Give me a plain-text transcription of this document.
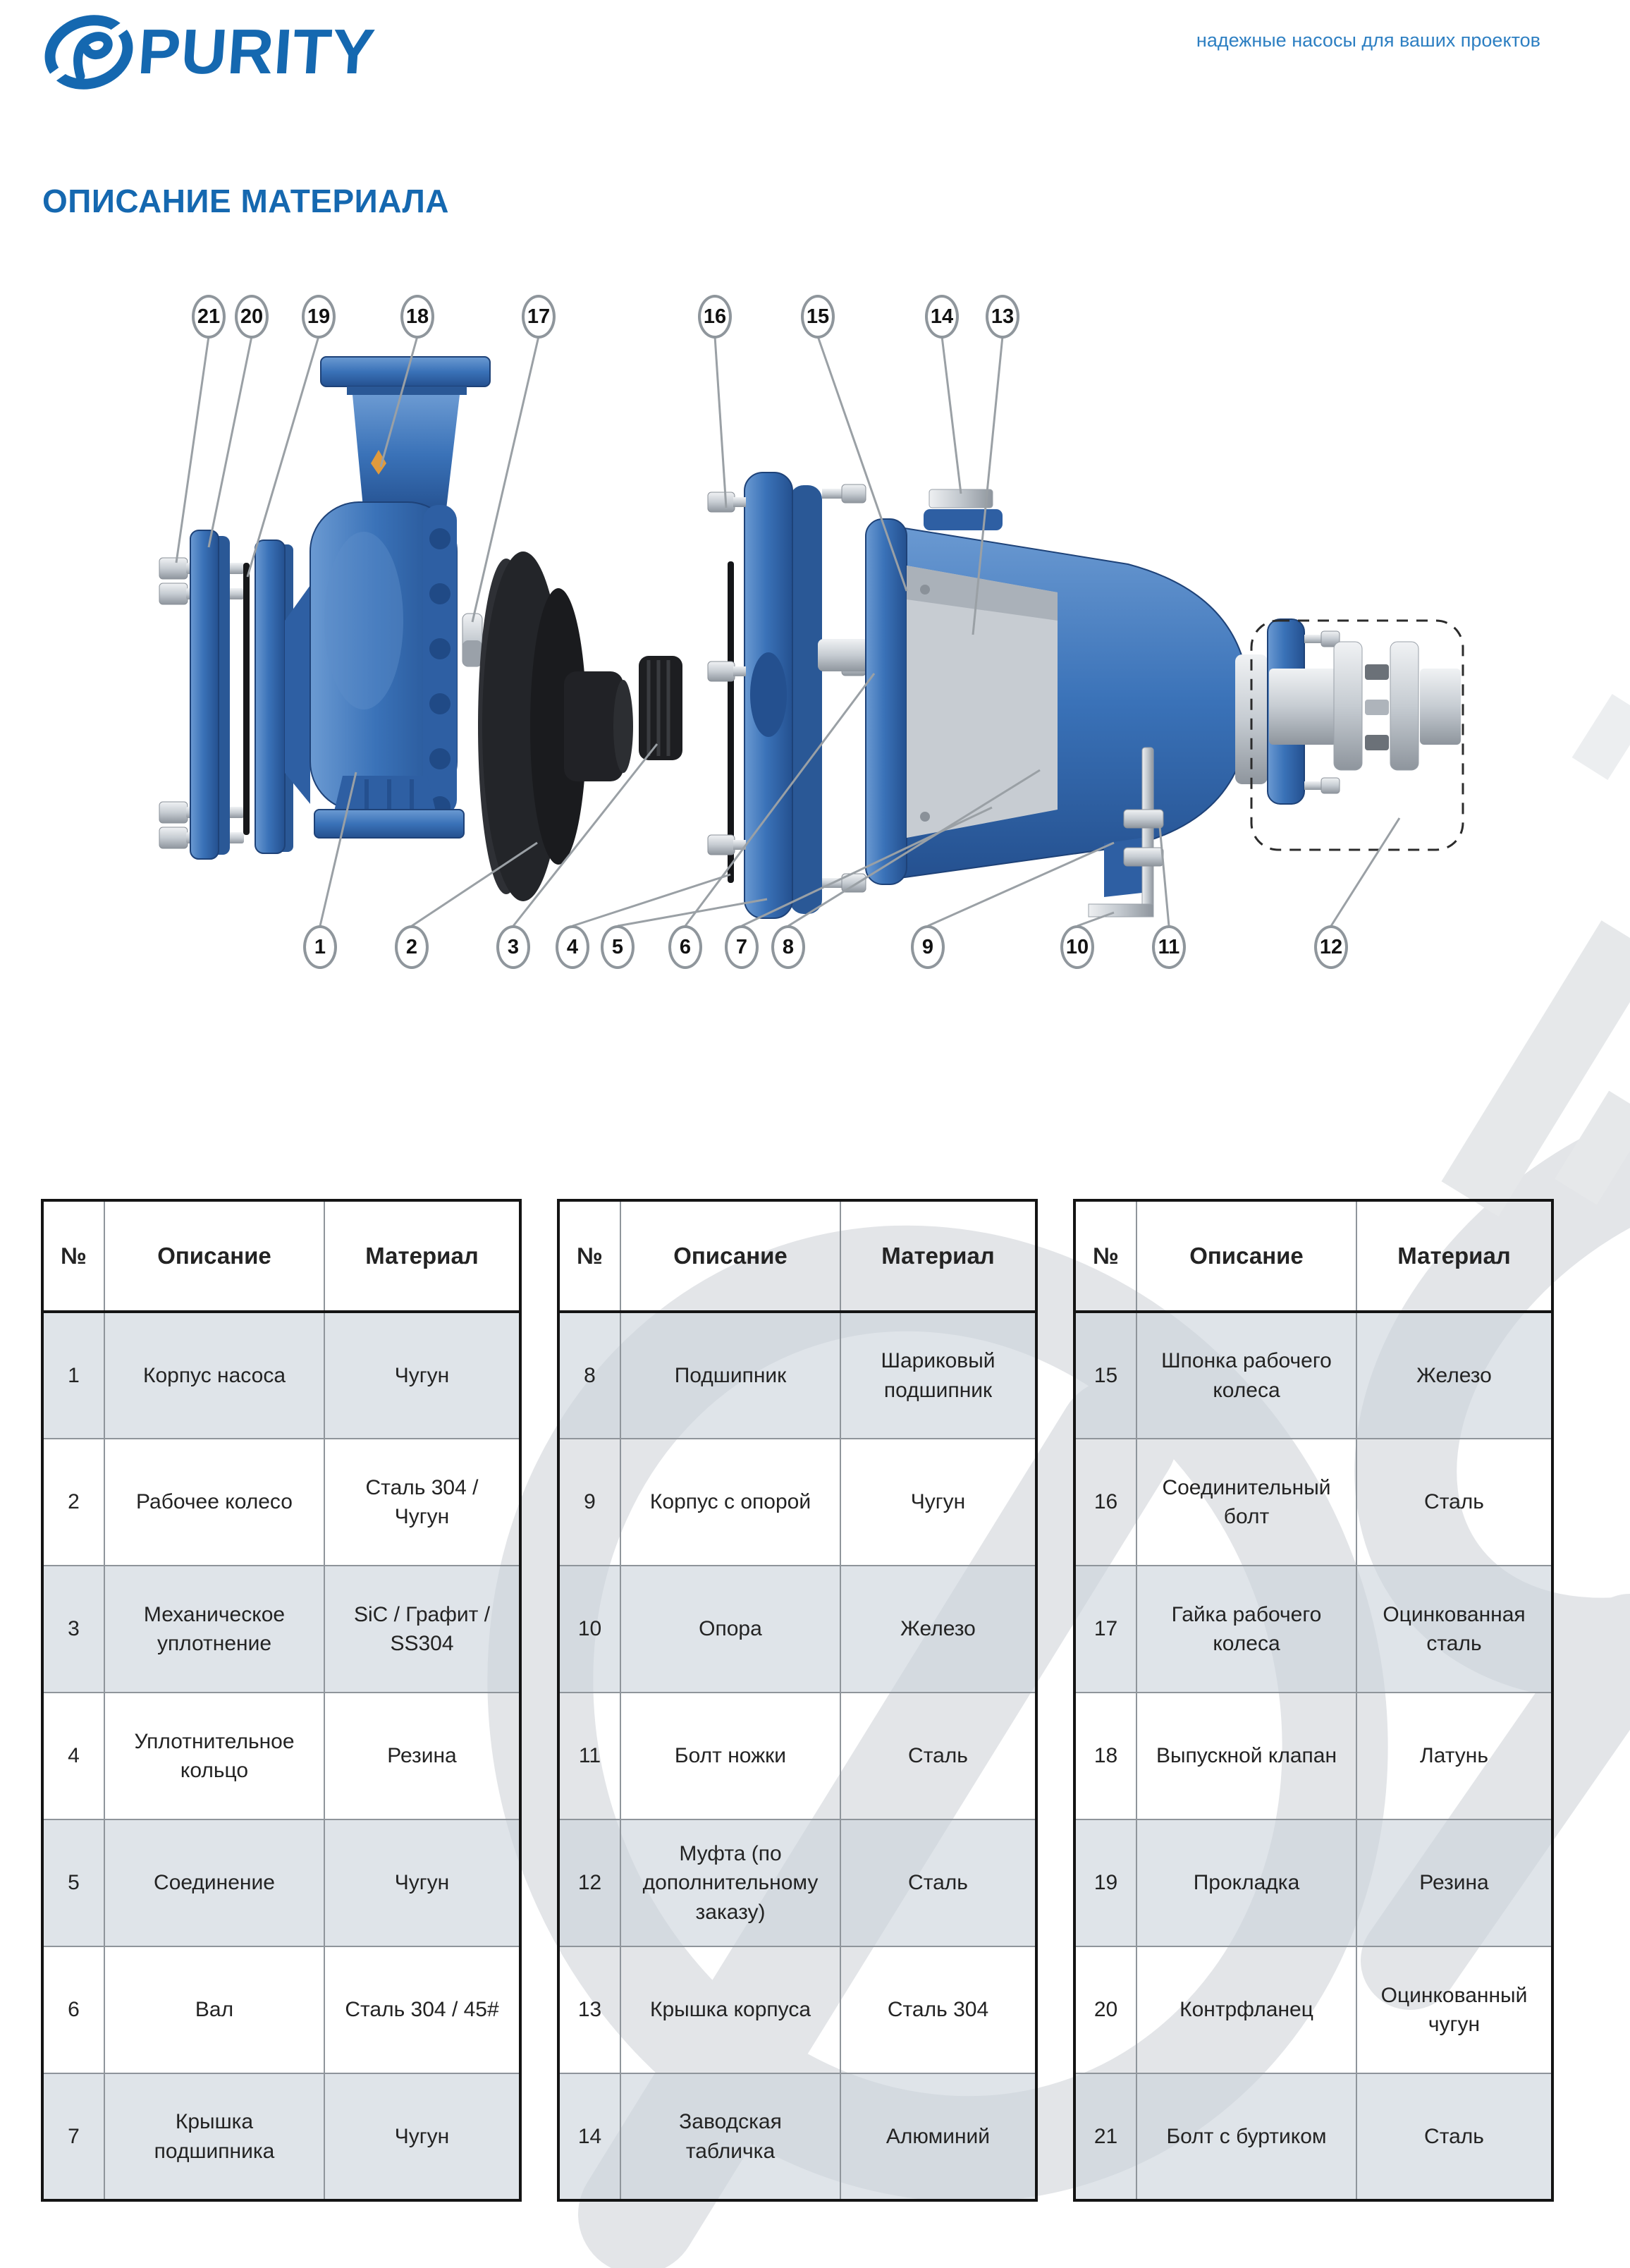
PURITY	надежные насосы для ваших проектов
ОПИСАНИЕ МАТЕРИАЛА
21 20 19	18	17	16	15	14 13
1	2	3	4	5	6	7	8	9	10	11	12
№	Описание	Материал
1	Корпус насоса	Чугун
2	Рабочее колесо	Сталь 304 / Чугун
3	Механическое уплотнение	SiC / Графит / SS304
4	Уплотнительное кольцо	Резина
5	Соединение	Чугун
6	Вал	Сталь 304 / 45#
7	Крышка подшипника	Чугун
№	Описание	Материал
8	Подшипник	Шариковый подшипник
9	Корпус с опорой	Чугун
10	Опора	Железо
11	Болт ножки	Сталь
12	Муфта (по дополнительному заказу)	Сталь
13	Крышка корпуса	Сталь 304
14	Заводская табличка	Алюминий
№	Описание	Материал
15	Шпонка рабочего колеса	Железо
16	Соединительный болт	Сталь
17	Гайка рабочего колеса	Оцинкованная сталь
18	Выпускной клапан	Латунь
19	Прокладка	Резина
20	Контрфланец	Оцинкованный чугун
21	Болт с буртиком	Сталь
